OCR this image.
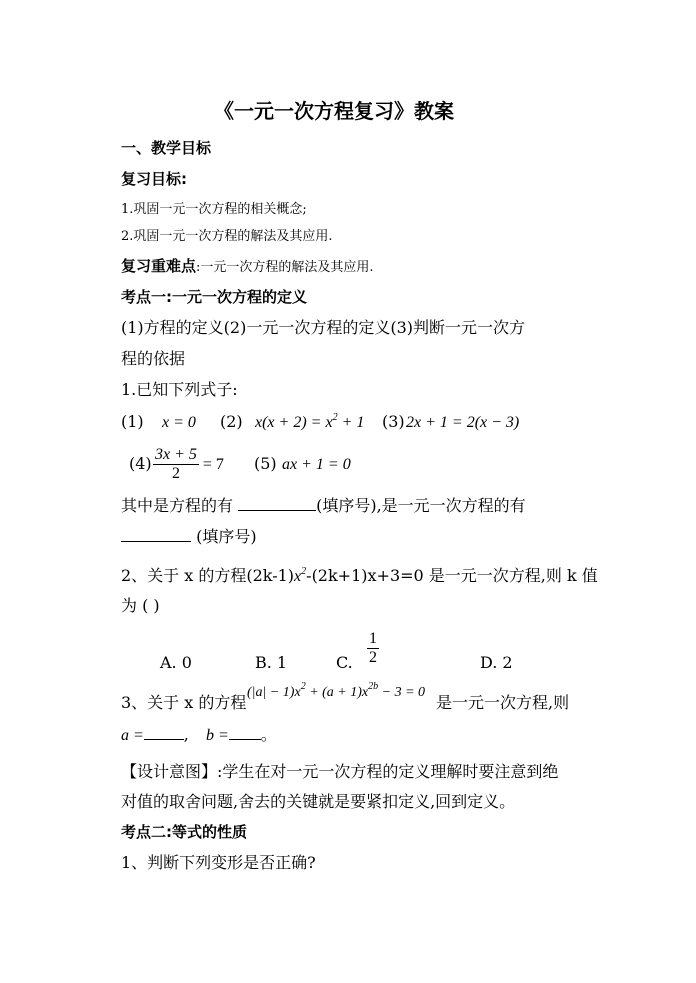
《一元一次方程复习》教案
一、教学目标
复习目标:
1.巩固一元一次方程的相关概念;
2.巩固一元一次方程的解法及其应用.
复习重难点:一元一次方程的解法及其应用.
考点一:一元一次方程的定义
(1)方程的定义(2)一元一次方程的定义(3)判断一元一次方
程的依据
1.已知下列式子:
(1) x = 0 (2) $x(x + 2) = x^2 + 1$ (3) 2x + 1 = 2(x − 3)
$(4) \frac{3x + 5}{2} = 7$ (5) ax + 1 = 0
其中是方程的有	(填序号),是一元一次方程的有
(填序号)
2、关于 x 的方程$(2k-1)x^2-(2k+1)x+3=0$ 是一元一次方程,则 k 值
为 ( )
A. 0	B. 1	C. $\frac{1}{2}$	D. 2
3、关于 x 的方程
$(|a| - 1)x^2 + (a + 1)x^{2b} - 3 = 0$
是一元一次方程,则
a =	, b = 。
【设计意图】:学生在对一元一次方程的定义理解时要注意到绝
对值的取舍问题,舍去的关键就是要紧扣定义,回到定义。
考点二:等式的性质
1、判断下列变形是否正确?
